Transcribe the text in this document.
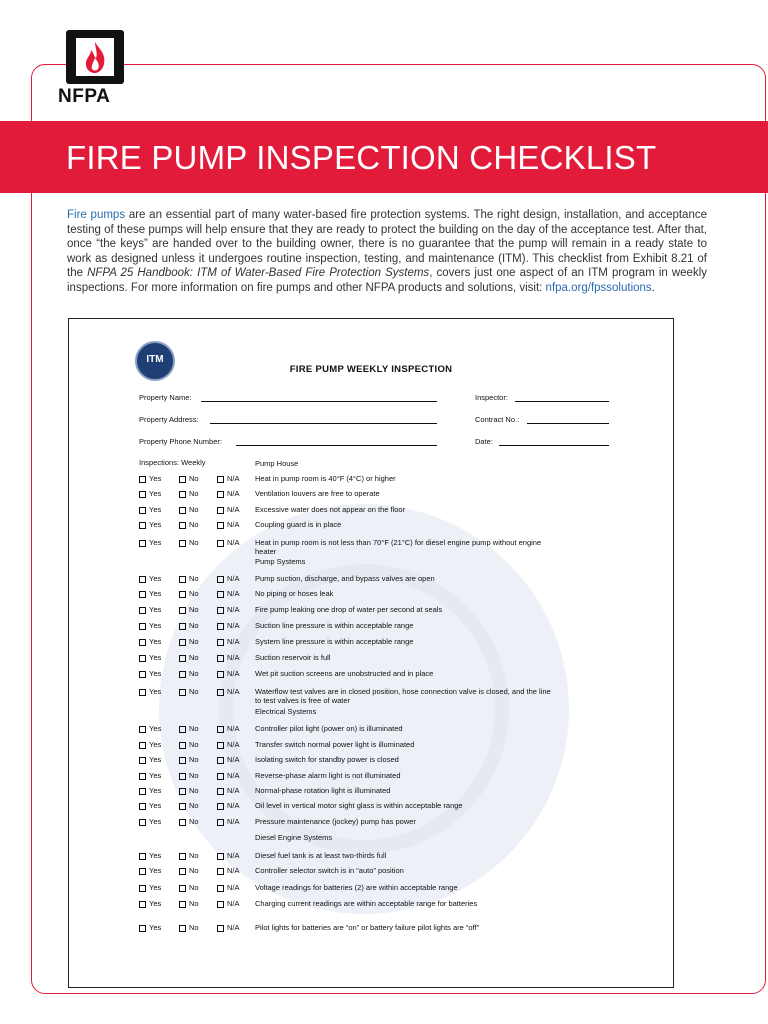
NFPA
FIRE PUMP INSPECTION CHECKLIST
Fire pumps are an essential part of many water-based fire protection systems. The right design, installation, and acceptance testing of these pumps will help ensure that they are ready to protect the building on the day of the acceptance test. After that, once “the keys” are handed over to the building owner, there is no guarantee that the pump will remain in a ready state to work as designed unless it undergoes routine inspection, testing, and maintenance (ITM). This checklist from Exhibit 8.21 of the NFPA 25 Handbook: ITM of Water-Based Fire Protection Systems, covers just one aspect of an ITM program in weekly inspections. For more information on fire pumps and other NFPA products and solutions, visit: nfpa.org/fpssolutions.
ITM
FIRE PUMP WEEKLY INSPECTION
Property Name:
Property Address:
Property Phone Number:
Inspector:
Contract No.:
Date:
Inspections: Weekly	Pump House
Yes	No	N/A Heat in pump room is 40°F (4°C) or higher
Yes	No	N/A Ventilation louvers are free to operate
Yes	No	N/A Excessive water does not appear on the floor
Yes	No	N/A Coupling guard is in place
Yes	No	N/A Heat in pump room is not less than 70°F (21°C) for diesel engine pump without engine heater
Pump Systems
Yes	No	N/A Pump suction, discharge, and bypass valves are open
Yes	No	N/A No piping or hoses leak
Yes	No	N/A Fire pump leaking one drop of water per second at seals
Yes	No	N/A Suction line pressure is within acceptable range
Yes	No	N/A System line pressure is within acceptable range
Yes	No	N/A Suction reservoir is full
Yes	No	N/A Wet pit suction screens are unobstructed and in place
Yes	No	N/A Waterflow test valves are in closed position, hose connection valve is closed, and the line to test valves is free of water
Electrical Systems
Yes	No	N/A Controller pilot light (power on) is illuminated
Yes	No	N/A Transfer switch normal power light is illuminated
Yes	No	N/A Isolating switch for standby power is closed
Yes	No	N/A Reverse-phase alarm light is not illuminated
Yes	No	N/A Normal-phase rotation light is illuminated
Yes	No	N/A Oil level in vertical motor sight glass is within acceptable range
Yes	No	N/A Pressure maintenance (jockey) pump has power
Diesel Engine Systems
Yes	No	N/A Diesel fuel tank is at least two-thirds full
Yes	No	N/A Controller selector switch is in “auto” position
Yes	No	N/A Voltage readings for batteries (2) are within acceptable range
Yes	No	N/A Charging current readings are within acceptable range for batteries
Yes	No	N/A Pilot lights for batteries are “on” or battery failure pilot lights are “off”
